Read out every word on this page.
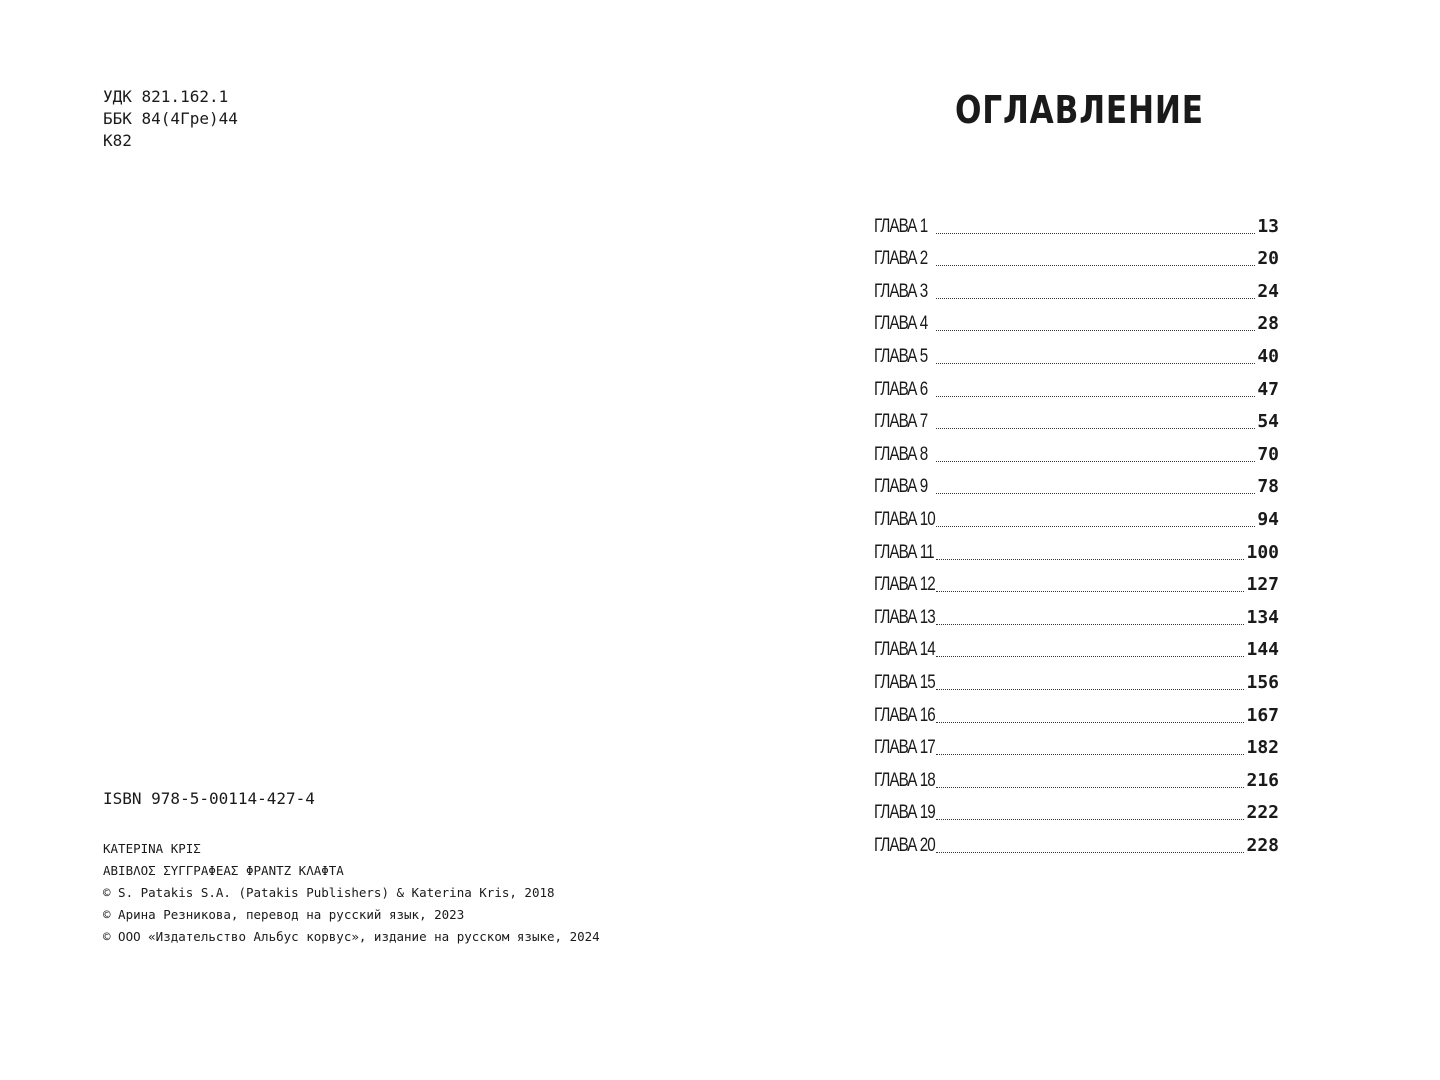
УДК 821.162.1
ББК 84(4Гре)44
К82
ISBN 978-5-00114-427-4
ΚΑΤΕΡΙΝΑ ΚΡΙΣ
ΑΒΙΒΛΟΣ ΣΥΓΓΡΑΦΕΑΣ ΦΡΑΝΤΖ ΚΛΑΦΤΑ
© S. Patakis S.A. (Patakis Publishers) & Katerina Kris, 2018
© Арина Резникова, перевод на русский язык, 2023
© ООО «Издательство Альбус корвус», издание на русском языке, 2024
ОГЛАВЛЕНИЕ
ГЛАВА 1	13
ГЛАВА 2	20
ГЛАВА 3	24
ГЛАВА 4	28
ГЛАВА 5	40
ГЛАВА 6	47
ГЛАВА 7	54
ГЛАВА 8	70
ГЛАВА 9	78
ГЛАВА 10	94
ГЛАВА 11	100
ГЛАВА 12	127
ГЛАВА 13	134
ГЛАВА 14	144
ГЛАВА 15	156
ГЛАВА 16	167
ГЛАВА 17	182
ГЛАВА 18	216
ГЛАВА 19	222
ГЛАВА 20	228
